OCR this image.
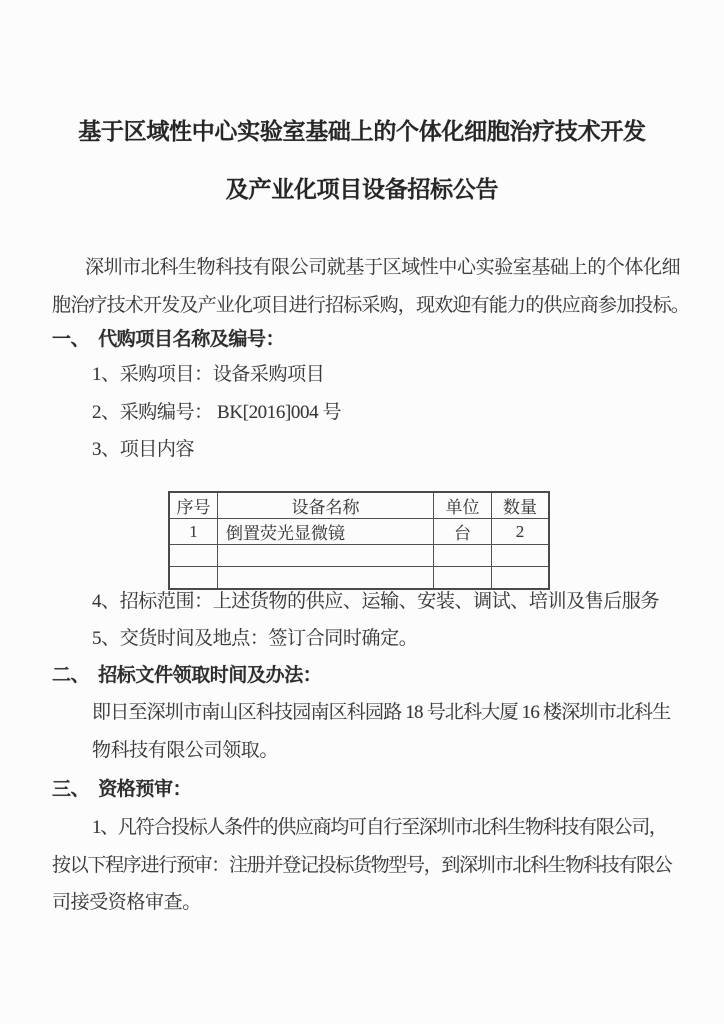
基于区域性中心实验室基础上的个体化细胞治疗技术开发
及产业化项目设备招标公告
深圳市北科生物科技有限公司就基于区域性中心实验室基础上的个体化细
胞治疗技术开发及产业化项目进行招标采购，现欢迎有能力的供应商参加投标。
一、 代购项目名称及编号：
1、采购项目：设备采购项目
2、采购编号： BK[2016]004 号
3、项目内容
序号	设备名称	单位	数量
1	倒置荧光显微镜	台	2

4、招标范围：上述货物的供应、运输、安装、调试、培训及售后服务
5、交货时间及地点：签订合同时确定。
二、 招标文件领取时间及办法：
即日至深圳市南山区科技园南区科园路 18 号北科大厦 16 楼深圳市北科生
物科技有限公司领取。
三、 资格预审：
1、凡符合投标人条件的供应商均可自行至深圳市北科生物科技有限公司，
按以下程序进行预审：注册并登记投标货物型号，到深圳市北科生物科技有限公
司接受资格审查。
